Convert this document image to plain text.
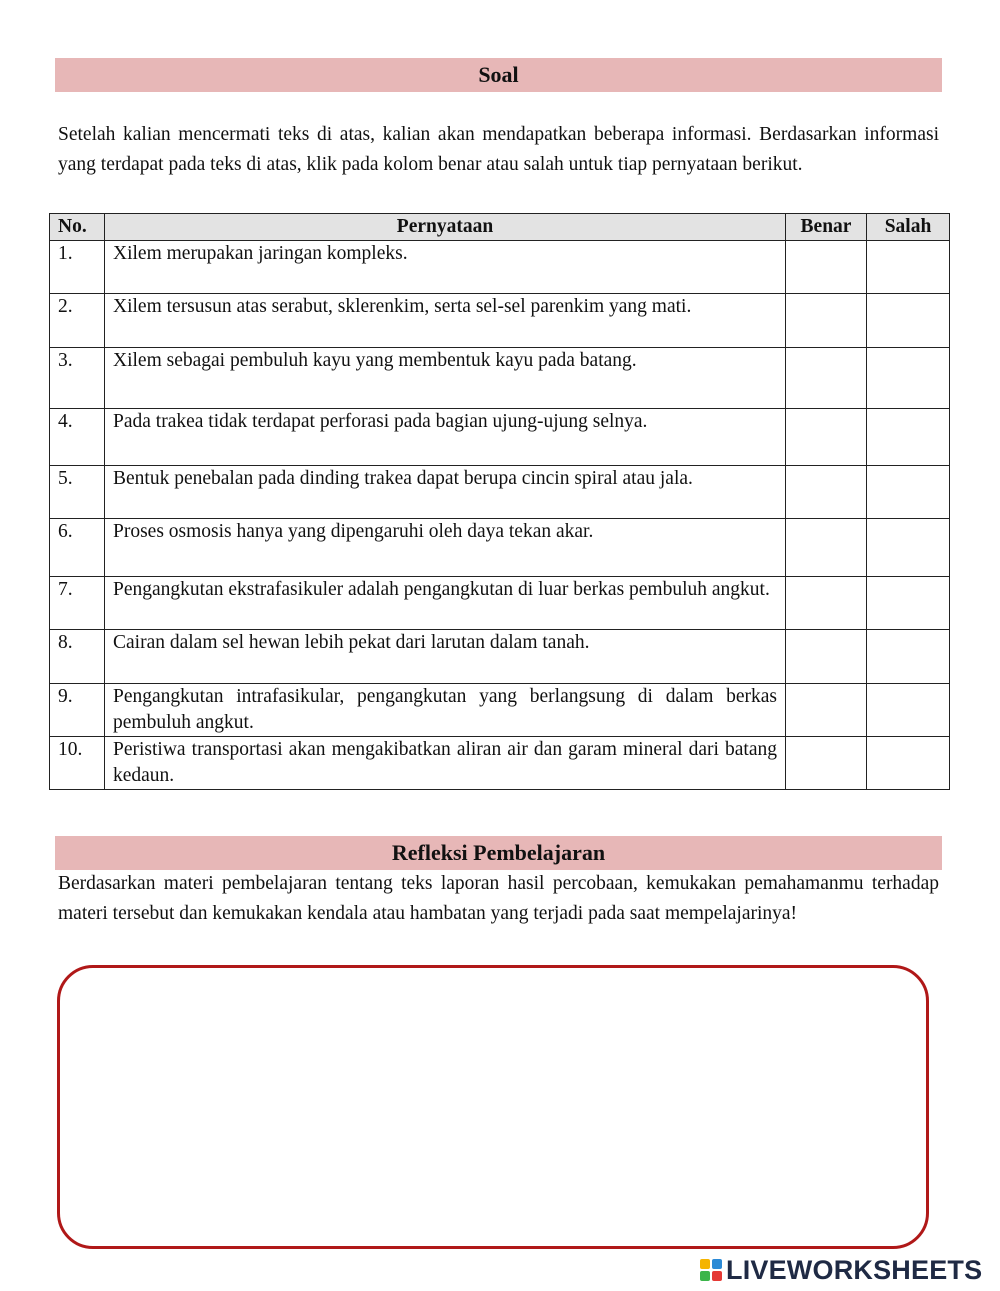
Soal
Setelah kalian mencermati teks di atas, kalian akan mendapatkan beberapa informasi. Berdasarkan informasi yang terdapat pada teks di atas, klik pada kolom benar atau salah untuk tiap pernyataan berikut.
No.	Pernyataan	Benar	Salah
1.	Xilem merupakan jaringan kompleks.		
2.	Xilem tersusun atas serabut, sklerenkim, serta sel-sel parenkim yang mati.		
3.	Xilem sebagai pembuluh kayu yang membentuk kayu pada batang.		
4.	Pada trakea tidak terdapat perforasi pada bagian ujung-ujung selnya.		
5.	Bentuk penebalan pada dinding trakea dapat berupa cincin spiral atau jala.		
6.	Proses osmosis hanya yang dipengaruhi oleh daya tekan akar.		
7.	Pengangkutan ekstrafasikuler adalah pengangkutan di luar berkas pembuluh angkut.		
8.	Cairan dalam sel hewan lebih pekat dari larutan dalam tanah.		
9.	Pengangkutan intrafasikular, pengangkutan yang berlangsung di dalam berkas pembuluh angkut.		
10.	Peristiwa transportasi akan mengakibatkan aliran air dan garam mineral dari batang kedaun.		
Refleksi Pembelajaran
Berdasarkan materi pembelajaran tentang teks laporan hasil percobaan, kemukakan pemahamanmu terhadap materi tersebut dan kemukakan kendala atau hambatan yang terjadi pada saat mempelajarinya!
LIVEWORKSHEETS
